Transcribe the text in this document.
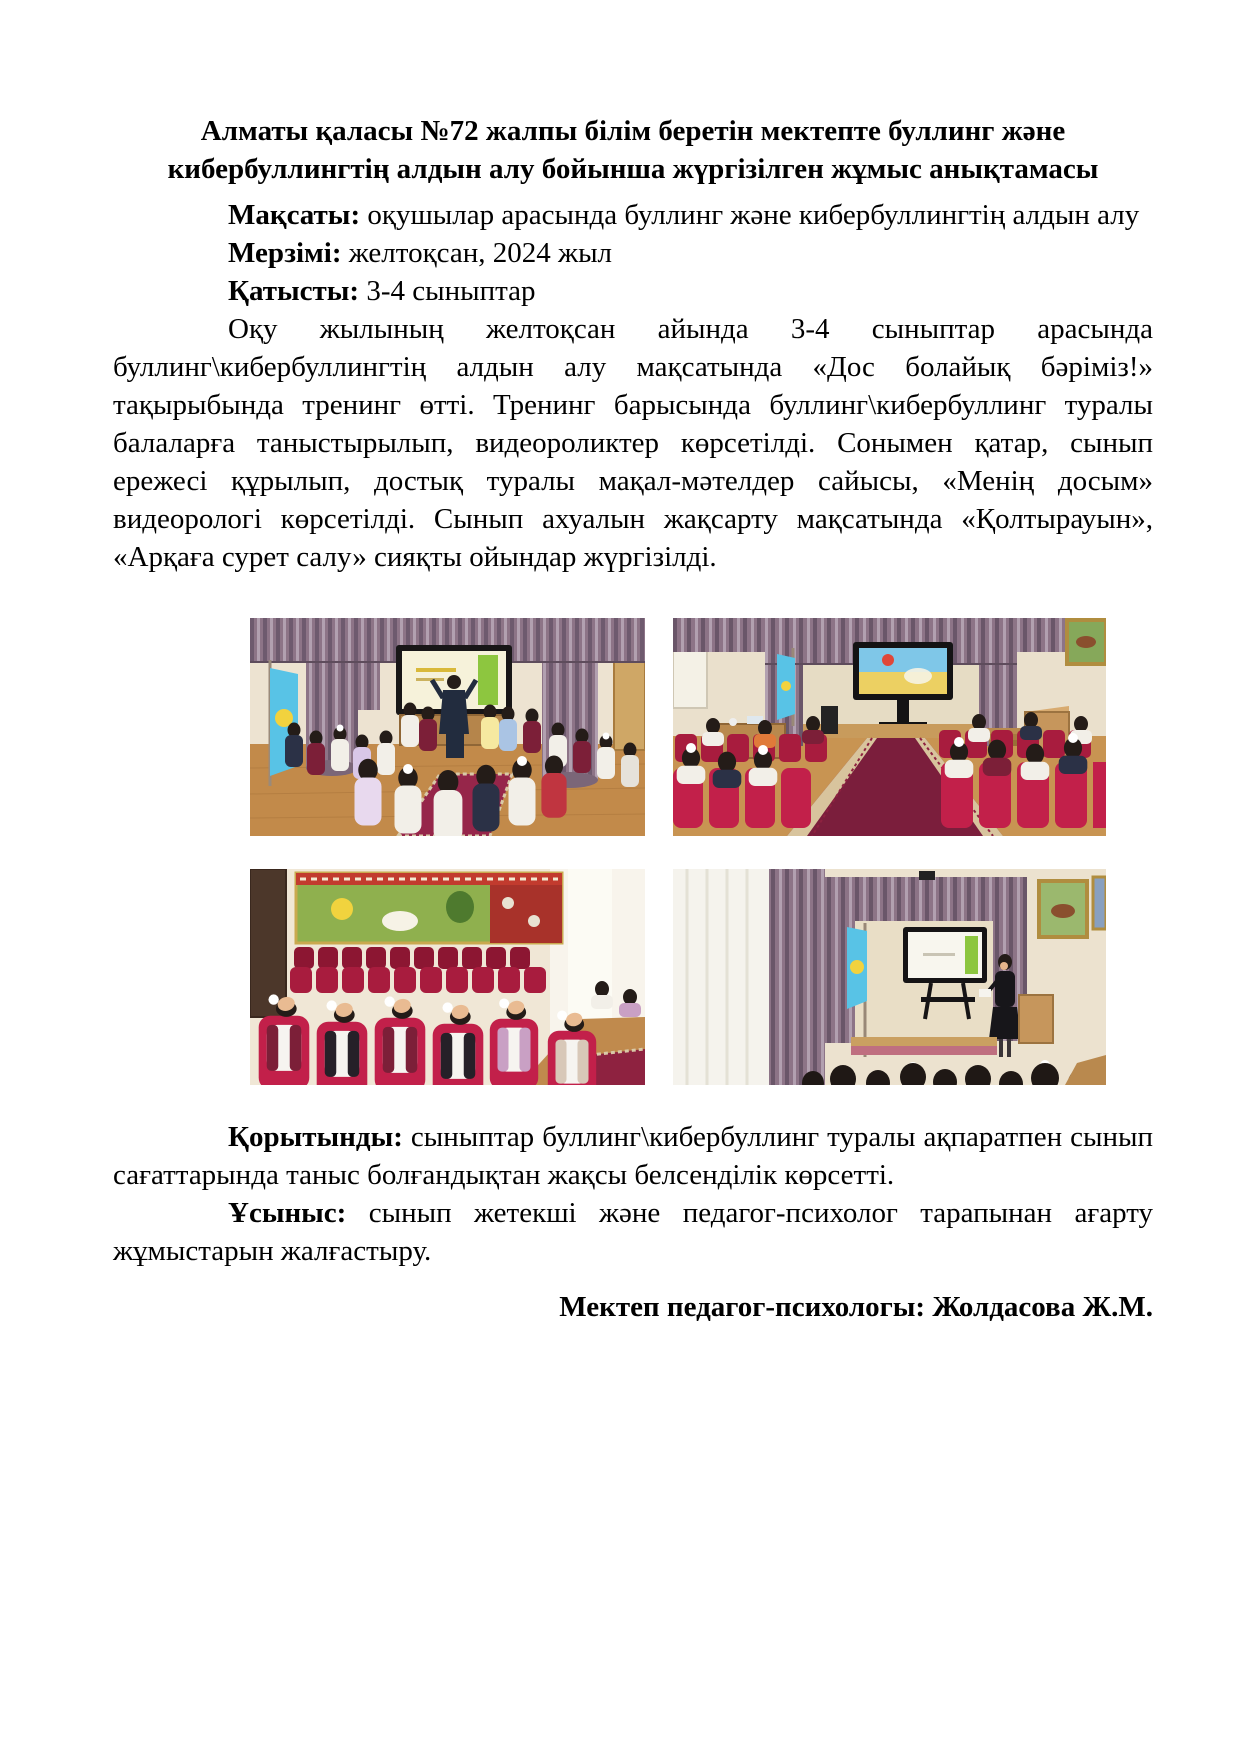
Алматы қаласы №72 жалпы білім беретін мектепте буллинг және
кибербуллингтің алдын алу бойынша жүргізілген жұмыс анықтамасы

Мақсаты: оқушылар арасында буллинг және кибербуллингтің алдын алу

Мерзімі: желтоқсан, 2024 жыл

Қатысты: 3-4 сыныптар

Оқу жылының желтоқсан айында 3-4 сыныптар арасында буллинг\кибербуллингтің алдын алу мақсатында «Дос болайық бәріміз!» тақырыбында тренинг өтті. Тренинг барысында буллинг\кибербуллинг туралы балаларға таныстырылып, видеороликтер көрсетілді. Сонымен қатар, сынып ережесі құрылып, достық туралы мақал-мәтелдер сайысы, «Менің досым» видеорологі көрсетілді. Сынып ахуалын жақсарту мақсатында «Қолтырауын», «Арқаға сурет салу» сияқты ойындар жүргізілді.

Қорытынды: сыныптар буллинг\кибербуллинг туралы ақпаратпен сынып сағаттарында таныс болғандықтан жақсы белсенділік көрсетті.

Ұсыныс: сынып жетекші және педагог-психолог тарапынан ағарту жұмыстарын жалғастыру.

Мектеп педагог-психологы: Жолдасова Ж.М.
